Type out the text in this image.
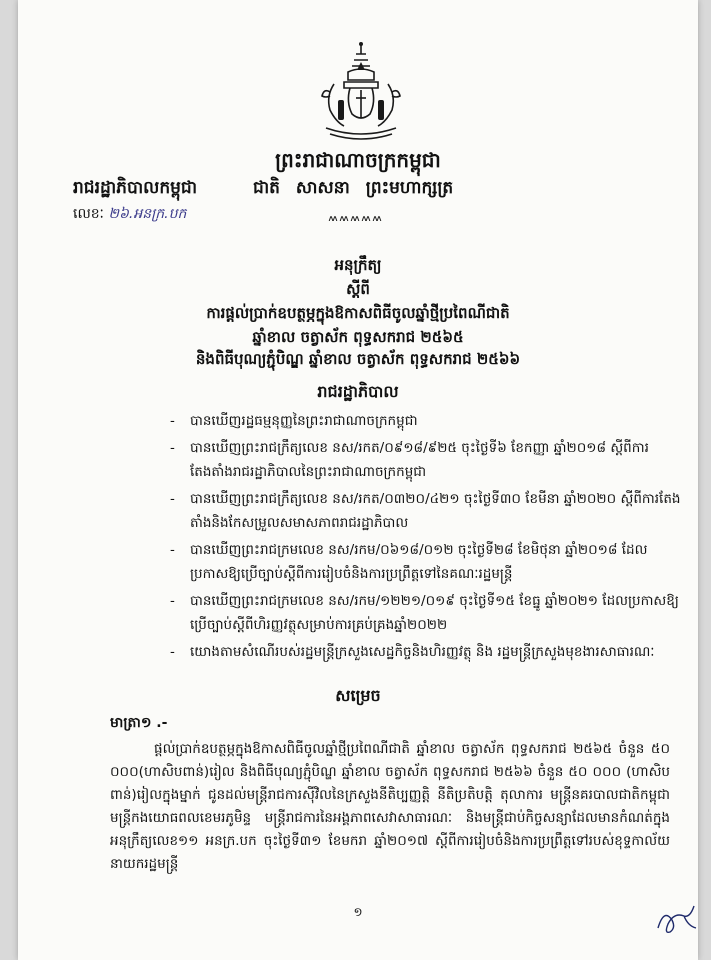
ព្រះរាជាណាចក្រកម្ពុជា
រាជរដ្ឋាភិបាលកម្ពុជា	ជាតិ សាសនា ព្រះមហាក្សត្រ
លេខៈ ២៦.អនក្រ.បក	៳៳៳៳៳
អនុក្រឹត្យ
ស្តីពី
ការផ្តល់ប្រាក់ឧបត្ថម្ភក្នុងឱកាសពិធីចូលឆ្នាំថ្មីប្រពៃណីជាតិ
ឆ្នាំខាល ចត្វាស័ក ពុទ្ធសករាជ ២៥៦៥
និងពិធីបុណ្យភ្ជុំបិណ្ឌ ឆ្នាំខាល ចត្វាស័ក ពុទ្ធសករាជ ២៥៦៦
រាជរដ្ឋាភិបាល
- បានឃើញរដ្ឋធម្មនុញ្ញនៃព្រះរាជាណាចក្រកម្ពុជា
- បានឃើញព្រះរាជក្រឹត្យលេខ នស/រកត/០៩១៨/៩២៥ ចុះថ្ងៃទី៦ ខែកញ្ញា ឆ្នាំ២០១៨ ស្តីពីការតែងតាំងរាជរដ្ឋាភិបាលនៃព្រះរាជាណាចក្រកម្ពុជា
- បានឃើញព្រះរាជក្រឹត្យលេខ នស/រកត/០៣២០/៤២១ ចុះថ្ងៃទី៣០ ខែមីនា ឆ្នាំ២០២០ ស្តីពីការតែងតាំងនិងកែសម្រួលសមាសភាពរាជរដ្ឋាភិបាល
- បានឃើញព្រះរាជក្រមលេខ នស/រកម/០៦១៨/០១២ ចុះថ្ងៃទី២៨ ខែមិថុនា ឆ្នាំ២០១៨ ដែលប្រកាសឱ្យប្រើច្បាប់ស្តីពីការរៀបចំនិងការប្រព្រឹត្តទៅនៃគណៈរដ្ឋមន្ត្រី
- បានឃើញព្រះរាជក្រមលេខ នស/រកម/១២២១/០១៩ ចុះថ្ងៃទី១៥ ខែធ្នូ ឆ្នាំ២០២១ ដែលប្រកាសឱ្យប្រើច្បាប់ស្តីពីហិរញ្ញវត្ថុសម្រាប់ការគ្រប់គ្រងឆ្នាំ២០២២
- យោងតាមសំណើរបស់រដ្ឋមន្ត្រីក្រសួងសេដ្ឋកិច្ចនិងហិរញ្ញវត្ថុ និង រដ្ឋមន្ត្រីក្រសួងមុខងារសាធារណៈ
សម្រេច
មាត្រា១ .-
ផ្តល់ប្រាក់ឧបត្ថម្ភក្នុងឱកាសពិធីចូលឆ្នាំថ្មីប្រពៃណីជាតិ ឆ្នាំខាល ចត្វាស័ក ពុទ្ធសករាជ ២៥៦៥ ចំនួន ៥០ ០០០(ហាសិបពាន់)រៀល និងពិធីបុណ្យភ្ជុំបិណ្ឌ ឆ្នាំខាល ចត្វាស័ក ពុទ្ធសករាជ ២៥៦៦ ចំនួន ៥០ ០០០ (ហាសិបពាន់)រៀលក្នុងម្នាក់ ជូនដល់មន្ត្រីរាជការស៊ីវិលនៃក្រសួងនីតិប្បញ្ញត្តិ នីតិប្រតិបត្តិ តុលាការ មន្ត្រីនគរបាលជាតិកម្ពុជា មន្ត្រីកងយោធពលខេមរភូមិន្ទ មន្ត្រីរាជការនៃអង្គភាពសេវាសាធារណៈ និងមន្ត្រីជាប់កិច្ចសន្យាដែលមានកំណត់ក្នុងអនុក្រឹត្យលេខ១១ អនក្រ.បក ចុះថ្ងៃទី៣១ ខែមករា ឆ្នាំ២០១៧ ស្តីពីការរៀបចំនិងការប្រព្រឹត្តទៅរបស់ខុទ្ទកាល័យនាយករដ្ឋមន្ត្រី
១
